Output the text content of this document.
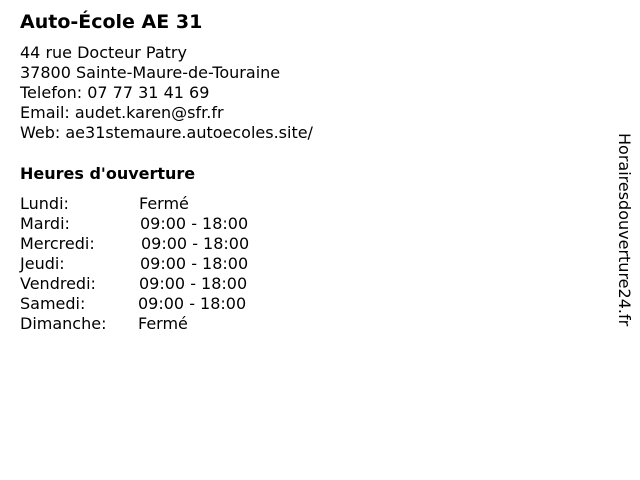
Auto-École AE 31
44 rue Docteur Patry
37800 Sainte-Maure-de-Touraine
Telefon: 07 77 31 41 69
Email: audet.karen@sfr.fr
Web: ae31stemaure.autoecoles.site/
Heures d'ouverture
Lundi:	Fermé
Mardi:	09:00 - 18:00
Mercredi:	09:00 - 18:00
Jeudi:	09:00 - 18:00
Vendredi:	09:00 - 18:00
Samedi:	09:00 - 18:00
Dimanche: Fermé	Horairesdouverture24.fr
